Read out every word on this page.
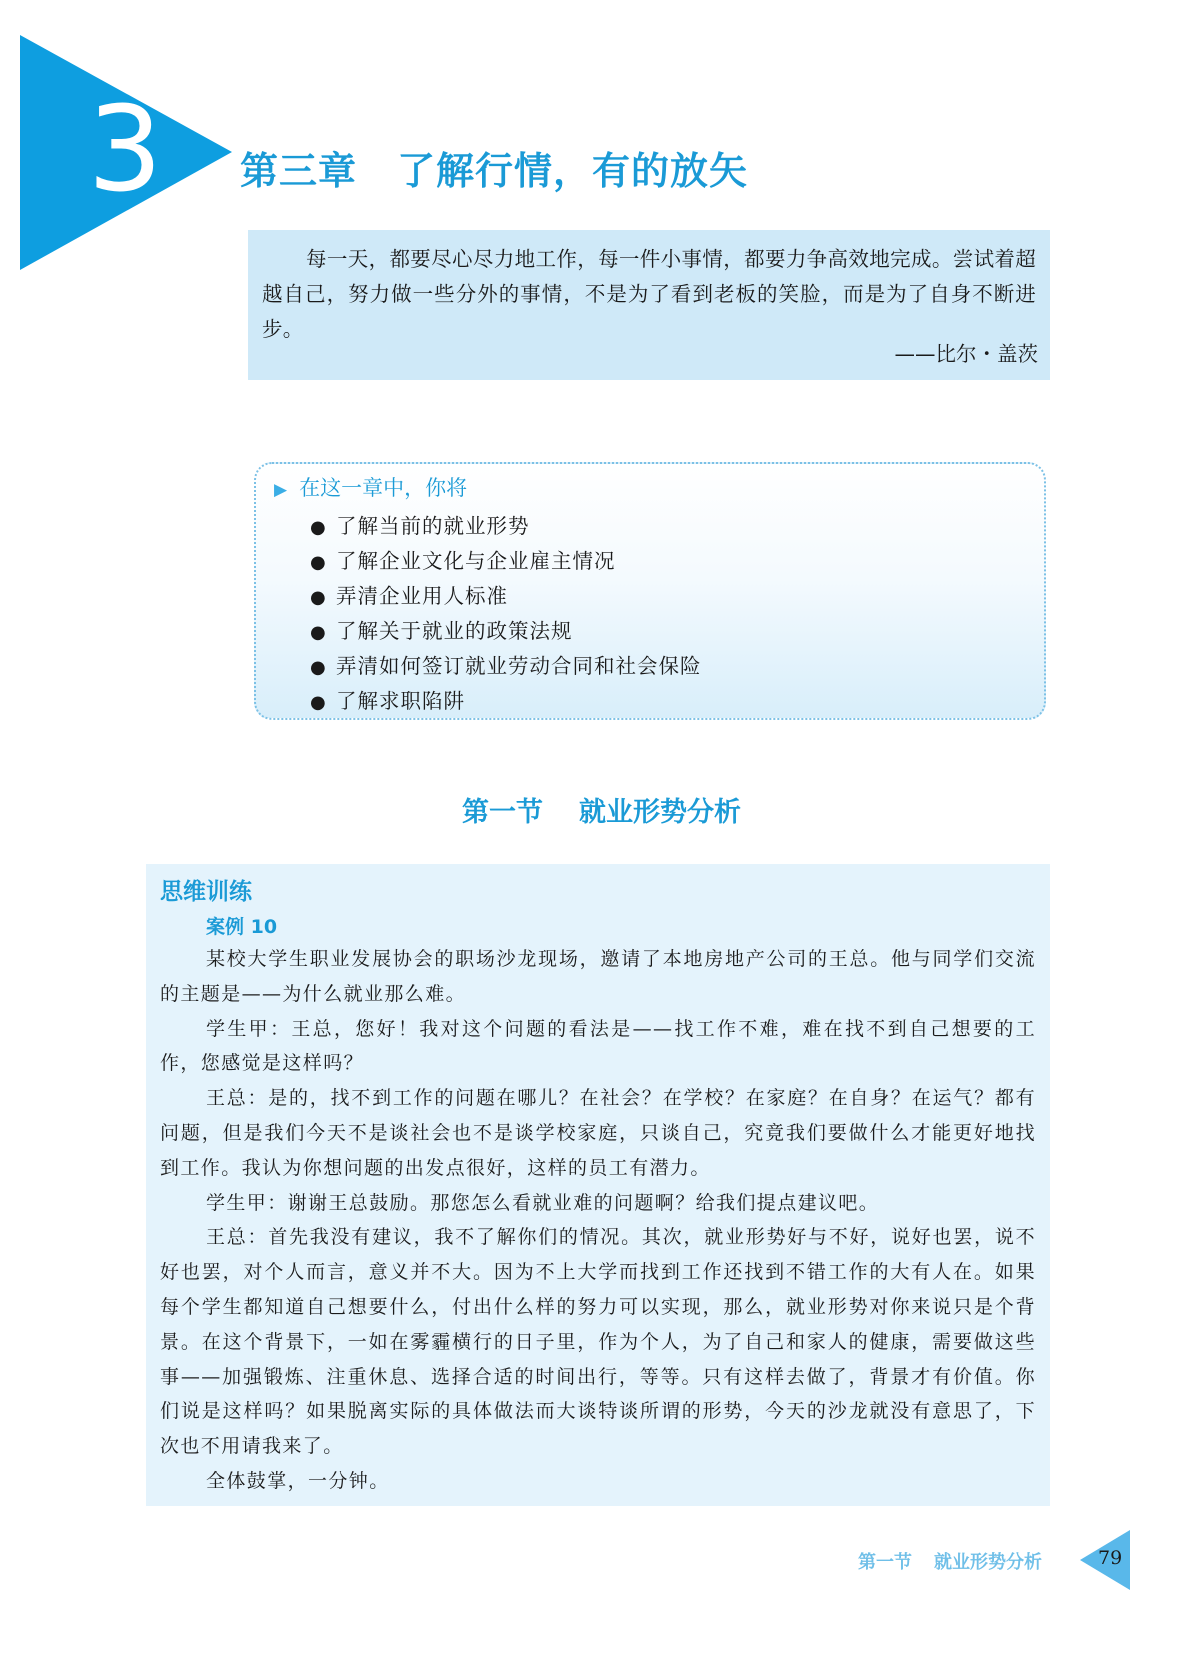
3	第三章 了解行情，有的放矢

每一天，都要尽心尽力地工作，每一件小事情，都要力争高效地完成。尝试着超越自己，努力做一些分外的事情，不是为了看到老板的笑脸，而是为了自身不断进步。

——比尔・盖茨
▶ 在这一章中，你将
● 了解当前的就业形势
● 了解企业文化与企业雇主情况
● 弄清企业用人标准
● 了解关于就业的政策法规
● 弄清如何签订就业劳动合同和社会保险
● 了解求职陷阱
第一节 就业形势分析

思维训练

案例 10

某校大学生职业发展协会的职场沙龙现场，邀请了本地房地产公司的王总。他与同学们交流的主题是——为什么就业那么难。

学生甲：王总，您好！我对这个问题的看法是——找工作不难，难在找不到自己想要的工作，您感觉是这样吗？

王总：是的，找不到工作的问题在哪儿？在社会？在学校？在家庭？在自身？在运气？都有问题，但是我们今天不是谈社会也不是谈学校家庭，只谈自己，究竟我们要做什么才能更好地找到工作。我认为你想问题的出发点很好，这样的员工有潜力。

学生甲：谢谢王总鼓励。那您怎么看就业难的问题啊？给我们提点建议吧。

王总：首先我没有建议，我不了解你们的情况。其次，就业形势好与不好，说好也罢，说不好也罢，对个人而言，意义并不大。因为不上大学而找到工作还找到不错工作的大有人在。如果每个学生都知道自己想要什么，付出什么样的努力可以实现，那么，就业形势对你来说只是个背景。在这个背景下，一如在雾霾横行的日子里，作为个人，为了自己和家人的健康，需要做这些事——加强锻炼、注重休息、选择合适的时间出行，等等。只有这样去做了，背景才有价值。你们说是这样吗？如果脱离实际的具体做法而大谈特谈所谓的形势，今天的沙龙就没有意思了，下次也不用请我来了。

全体鼓掌，一分钟。

第一节 就业形势分析	79
